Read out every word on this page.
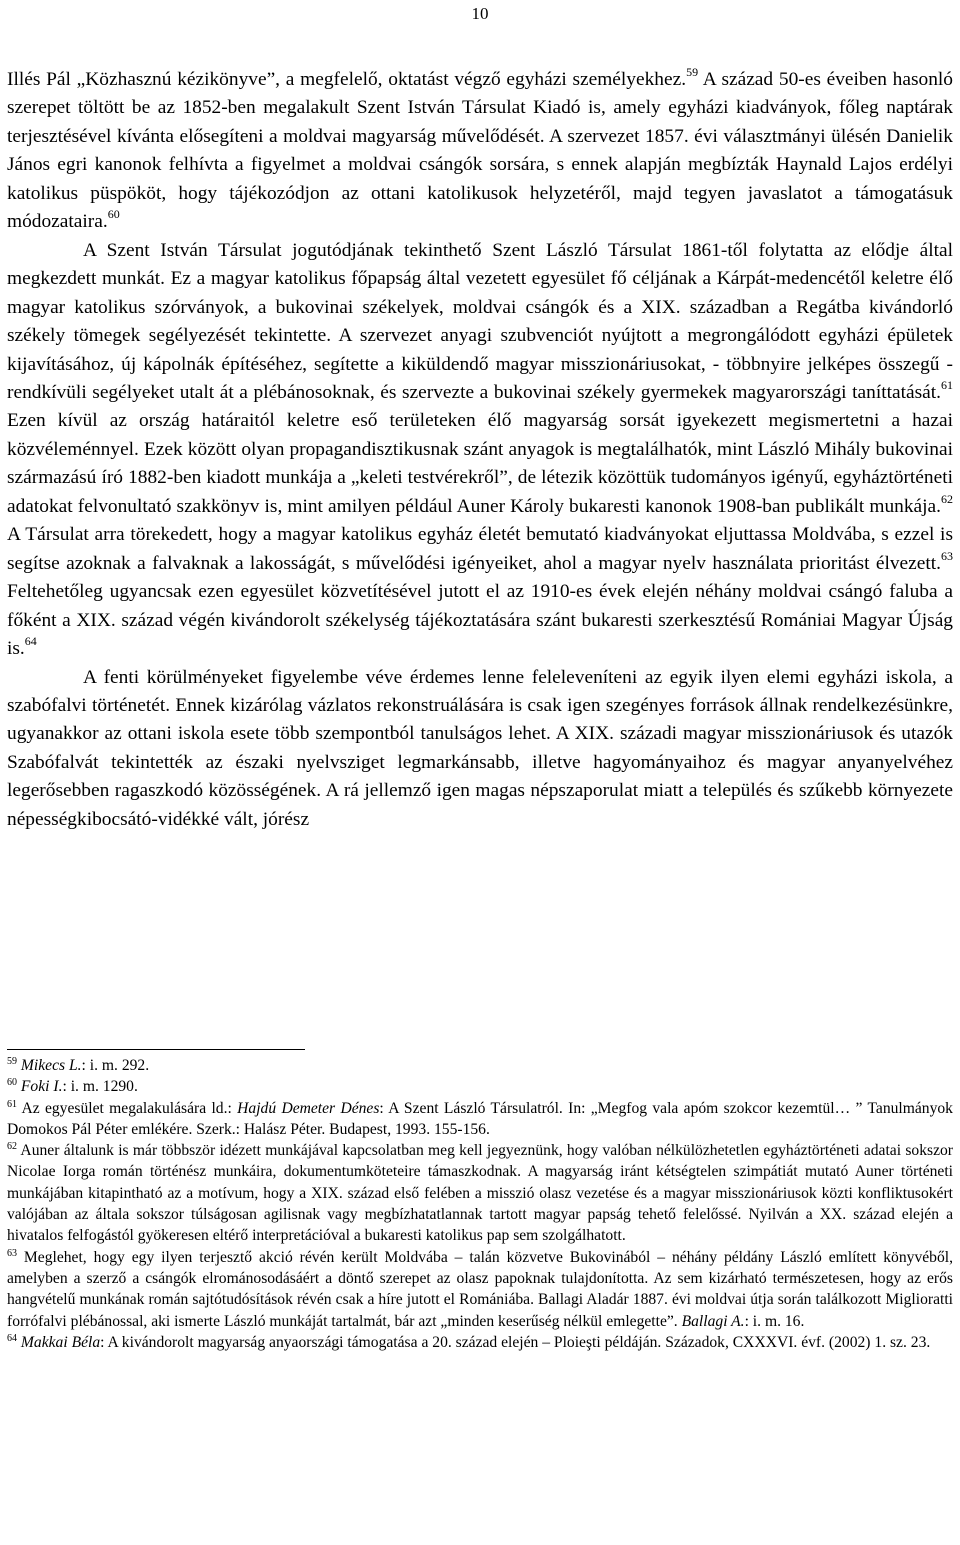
10

Illés Pál „Közhasznú kézikönyve”, a megfelelő, oktatást végző egyházi személyekhez.$^{59}$ A század 50-es éveiben hasonló szerepet töltött be az 1852-ben megalakult Szent István Társulat Kiadó is, amely egyházi kiadványok, főleg naptárak terjesztésével kívánta elősegíteni a moldvai magyarság művelődését. A szervezet 1857. évi választmányi ülésén Danielik János egri kanonok felhívta a figyelmet a moldvai csángók sorsára, s ennek alapján megbízták Haynald Lajos erdélyi katolikus püspököt, hogy tájékozódjon az ottani katolikusok helyzetéről, majd tegyen javaslatot a támogatásuk módozataira.$^{60}$

A Szent István Társulat jogutódjának tekinthető Szent László Társulat 1861-től folytatta az elődje által megkezdett munkát. Ez a magyar katolikus főpapság által vezetett egyesület fő céljának a Kárpát-medencétől keletre élő magyar katolikus szórványok, a bukovinai székelyek, moldvai csángók és a XIX. században a Regátba kivándorló székely tömegek segélyezését tekintette. A szervezet anyagi szubvenciót nyújtott a megrongálódott egyházi épületek kijavításához, új kápolnák építéséhez, segítette a kiküldendő magyar misszionáriusokat, - többnyire jelképes összegű - rendkívüli segélyeket utalt át a plébánosoknak, és szervezte a bukovinai székely gyermekek magyarországi taníttatását.$^{61}$ Ezen kívül az ország határaitól keletre eső területeken élő magyarság sorsát igyekezett megismertetni a hazai közvéleménnyel. Ezek között olyan propagandisztikusnak szánt anyagok is megtalálhatók, mint László Mihály bukovinai származású író 1882-ben kiadott munkája a „keleti testvérekről”, de létezik közöttük tudományos igényű, egyháztörténeti adatokat felvonultató szakkönyv is, mint amilyen például Auner Károly bukaresti kanonok 1908-ban publikált munkája.$^{62}$ A Társulat arra törekedett, hogy a magyar katolikus egyház életét bemutató kiadványokat eljuttassa Moldvába, s ezzel is segítse azoknak a falvaknak a lakosságát, s művelődési igényeiket, ahol a magyar nyelv használata prioritást élvezett.$^{63}$ Feltehetőleg ugyancsak ezen egyesület közvetítésével jutott el az 1910-es évek elején néhány moldvai csángó faluba a főként a XIX. század végén kivándorolt székelység tájékoztatására szánt bukaresti szerkesztésű Romániai Magyar Újság is.$^{64}$

A fenti körülményeket figyelembe véve érdemes lenne feleleveníteni az egyik ilyen elemi egyházi iskola, a szabófalvi történetét. Ennek kizárólag vázlatos rekonstruálására is csak igen szegényes források állnak rendelkezésünkre, ugyanakkor az ottani iskola esete több szempontból tanulságos lehet. A XIX. századi magyar misszionáriusok és utazók Szabófalvát tekintették az északi nyelvsziget legmarkánsabb, illetve hagyományaihoz és magyar anyanyelvéhez legerősebben ragaszkodó közösségének. A rá jellemző igen magas népszaporulat miatt a település és szűkebb környezete népességkibocsátó-vidékké vált, jórész

$^{59}$ Mikecs L.: i. m. 292.

$^{60}$ Foki I.: i. m. 1290.

$^{61}$ Az egyesület megalakulására ld.: Hajdú Demeter Dénes: A Szent László Társulatról. In: „Megfog vala apóm szokcor kezemtül… ” Tanulmányok Domokos Pál Péter emlékére. Szerk.: Halász Péter. Budapest, 1993. 155-156.

$^{62}$ Auner általunk is már többször idézett munkájával kapcsolatban meg kell jegyeznünk, hogy valóban nélkülözhetetlen egyháztörténeti adatai sokszor Nicolae Iorga román történész munkáira, dokumentumköteteire támaszkodnak. A magyarság iránt kétségtelen szimpátiát mutató Auner történeti munkájában kitapintható az a motívum, hogy a XIX. század első felében a misszió olasz vezetése és a magyar misszionáriusok közti konfliktusokért valójában az általa sokszor túlságosan agilisnak vagy megbízhatatlannak tartott magyar papság tehető felelőssé. Nyilván a XX. század elején a hivatalos felfogástól gyökeresen eltérő interpretációval a bukaresti katolikus pap sem szolgálhatott.

$^{63}$ Meglehet, hogy egy ilyen terjesztő akció révén került Moldvába – talán közvetve Bukovinából – néhány példány László említett könyvéből, amelyben a szerző a csángók elrománosodásáért a döntő szerepet az olasz papoknak tulajdonította. Az sem kizárható természetesen, hogy az erős hangvételű munkának román sajtótudósítások révén csak a híre jutott el Romániába. Ballagi Aladár 1887. évi moldvai útja során találkozott Miglioratti forrófalvi plébánossal, aki ismerte László munkáját tartalmát, bár azt „minden keserűség nélkül emlegette”. Ballagi A.: i. m. 16.

$^{64}$ Makkai Béla: A kivándorolt magyarság anyaországi támogatása a 20. század elején – Ploieşti példáján. Századok, CXXXVI. évf. (2002) 1. sz. 23.
